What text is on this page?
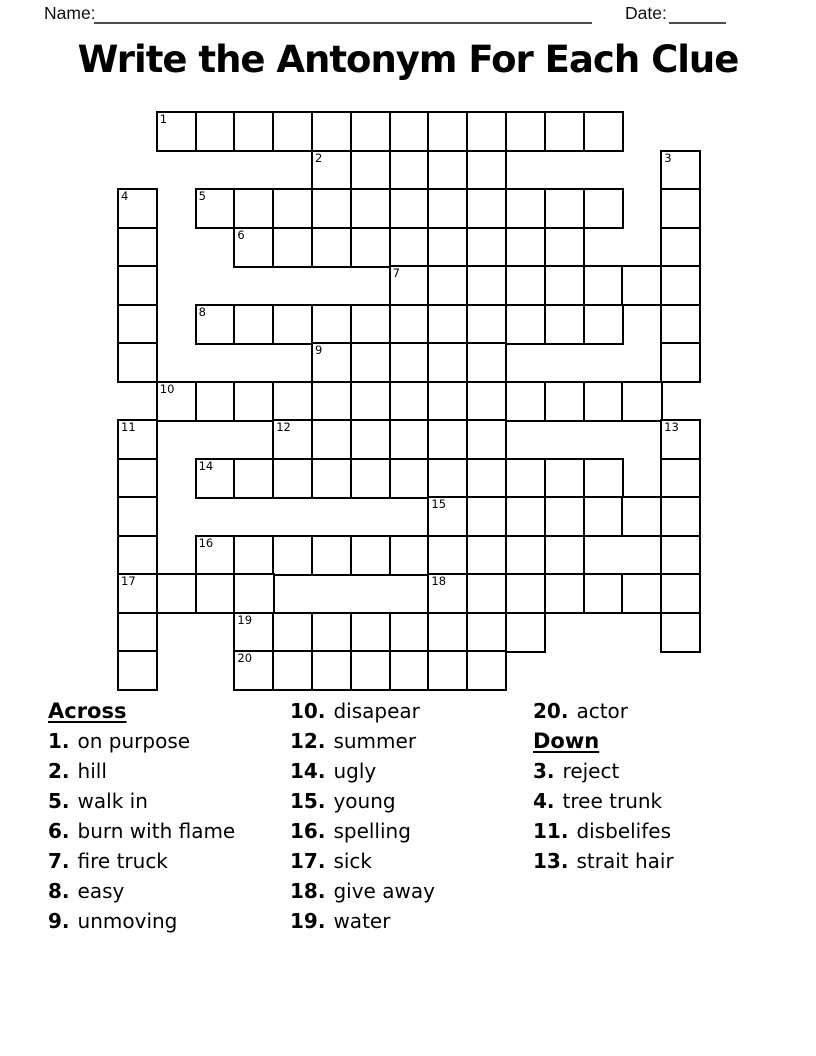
Name:	Date:
Write the Antonym For Each Clue
1
2	3
4	5
6
7
8
9
10
11	12	13
14
15
16
17	18
19
20
Across
1. on purpose
2. hill
5. walk in
6. burn with flame
7. fire truck
8. easy
9. unmoving
10. disapear
12. summer
14. ugly
15. young
16. spelling
17. sick
18. give away
19. water
20. actor
Down
3. reject
4. tree trunk
11. disbelifes
13. strait hair
